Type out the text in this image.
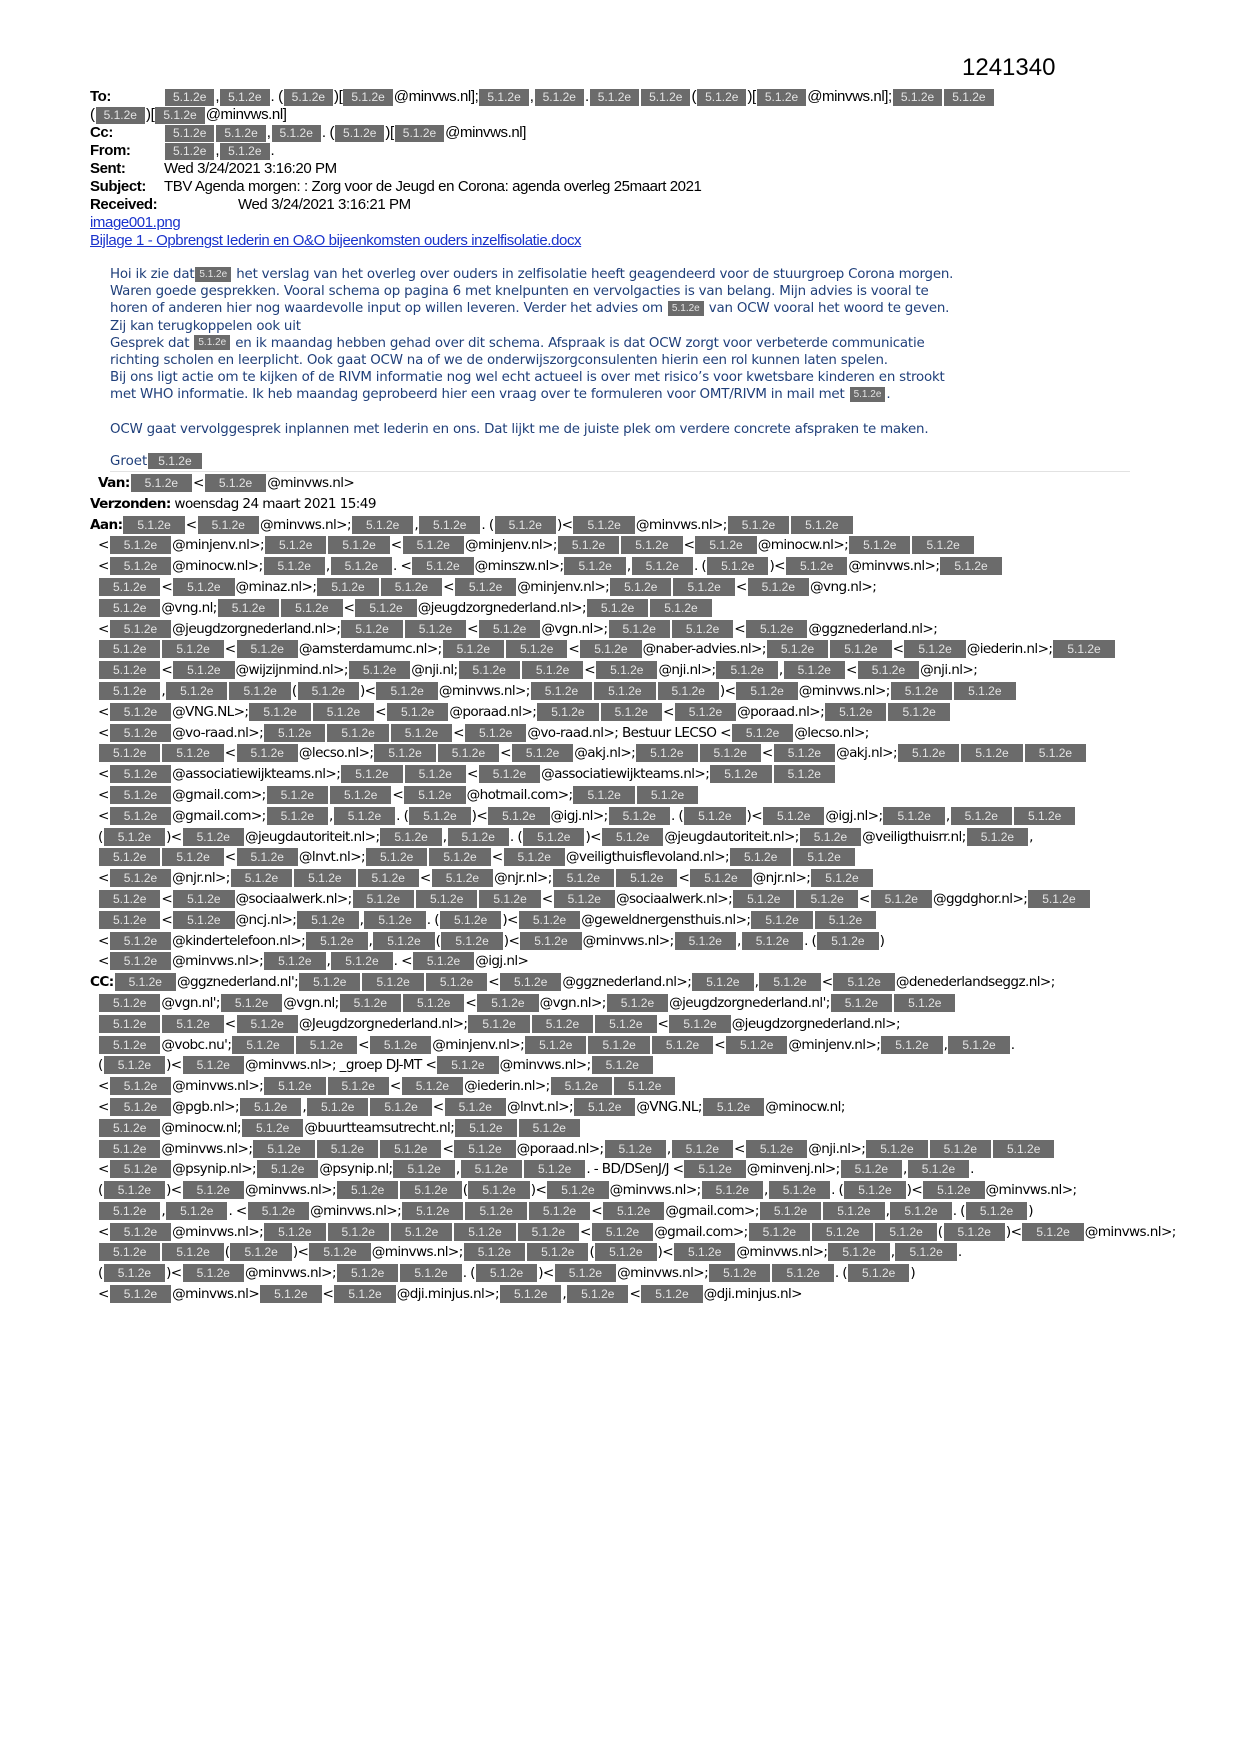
1241340
To:	5.1.2e , 5.1.2e . ( 5.1.2e )[ 5.1.2e @minvws.nl]; 5.1.2e , 5.1.2e . 5.1.2e 5.1.2e ( 5.1.2e )[ 5.1.2e @minvws.nl]; 5.1.2e 5.1.2e
( 5.1.2e )[ 5.1.2e @minvws.nl]
Cc:	5.1.2e 5.1.2e , 5.1.2e . ( 5.1.2e )[ 5.1.2e @minvws.nl]
From:	5.1.2e , 5.1.2e .
Sent:	Wed 3/24/2021 3:16:20 PM
Subject: TBV Agenda morgen: : Zorg voor de Jeugd en Corona: agenda overleg 25maart 2021
Received:	Wed 3/24/2021 3:16:21 PM
image001.png
Bijlage 1 - Opbrengst Iederin en O&O bijeenkomsten ouders inzelfisolatie.docx

Hoi ik zie dat 5.1.2e het verslag van het overleg over ouders in zelfisolatie heeft geagendeerd voor de stuurgroep Corona morgen.

Waren goede gesprekken. Vooral schema op pagina 6 met knelpunten en vervolgacties is van belang. Mijn advies is vooral te

horen of anderen hier nog waardevolle input op willen leveren. Verder het advies om 5.1.2e van OCW vooral het woord te geven.

Zij kan terugkoppelen ook uit

Gesprek dat 5.1.2e en ik maandag hebben gehad over dit schema. Afspraak is dat OCW zorgt voor verbeterde communicatie

richting scholen en leerplicht. Ook gaat OCW na of we de onderwijszorgconsulenten hierin een rol kunnen laten spelen.

Bij ons ligt actie om te kijken of de RIVM informatie nog wel echt actueel is over met risico’s voor kwetsbare kinderen en strookt

met WHO informatie. Ik heb maandag geprobeerd hier een vraag over te formuleren voor OMT/RIVM in mail met 5.1.2e .

OCW gaat vervolggesprek inplannen met Iederin en ons. Dat lijkt me de juiste plek om verdere concrete afspraken te maken.

Groet 5.1.2e
Van: 5.1.2e < 5.1.2e @minvws.nl>
Verzonden: woensdag 24 maart 2021 15:49
Aan: 5.1.2e < 5.1.2e @minvws.nl>; 5.1.2e , 5.1.2e . ( 5.1.2e )< 5.1.2e @minvws.nl>; 5.1.2e	5.1.2e
< 5.1.2e @minjenv.nl>; 5.1.2e	5.1.2e < 5.1.2e @minjenv.nl>; 5.1.2e	5.1.2e < 5.1.2e @minocw.nl>; 5.1.2e	5.1.2e
< 5.1.2e @minocw.nl>; 5.1.2e , 5.1.2e . < 5.1.2e @minszw.nl>; 5.1.2e , 5.1.2e . ( 5.1.2e )< 5.1.2e @minvws.nl>; 5.1.2e
5.1.2e < 5.1.2e @minaz.nl>; 5.1.2e	5.1.2e < 5.1.2e @minjenv.nl>; 5.1.2e	5.1.2e < 5.1.2e @vng.nl>;
5.1.2e @vng.nl; 5.1.2e	5.1.2e < 5.1.2e @jeugdzorgnederland.nl>; 5.1.2e	5.1.2e
< 5.1.2e @jeugdzorgnederland.nl>; 5.1.2e	5.1.2e < 5.1.2e @vgn.nl>; 5.1.2e	5.1.2e < 5.1.2e @ggznederland.nl>;
5.1.2e	5.1.2e < 5.1.2e @amsterdamumc.nl>; 5.1.2e	5.1.2e < 5.1.2e @naber-advies.nl>; 5.1.2e	5.1.2e < 5.1.2e @iederin.nl>; 5.1.2e
5.1.2e < 5.1.2e @wijzijnmind.nl>; 5.1.2e @nji.nl; 5.1.2e	5.1.2e < 5.1.2e @nji.nl>; 5.1.2e , 5.1.2e < 5.1.2e @nji.nl>;
5.1.2e , 5.1.2e	5.1.2e ( 5.1.2e )< 5.1.2e @minvws.nl>; 5.1.2e	5.1.2e	5.1.2e )< 5.1.2e @minvws.nl>; 5.1.2e	5.1.2e
< 5.1.2e @VNG.NL>; 5.1.2e	5.1.2e < 5.1.2e @poraad.nl>; 5.1.2e	5.1.2e < 5.1.2e @poraad.nl>; 5.1.2e	5.1.2e
< 5.1.2e @vo-raad.nl>; 5.1.2e	5.1.2e	5.1.2e < 5.1.2e @vo-raad.nl>; Bestuur LECSO < 5.1.2e @lecso.nl>;
5.1.2e	5.1.2e < 5.1.2e @lecso.nl>; 5.1.2e	5.1.2e < 5.1.2e @akj.nl>; 5.1.2e	5.1.2e < 5.1.2e @akj.nl>; 5.1.2e	5.1.2e	5.1.2e
< 5.1.2e @associatiewijkteams.nl>; 5.1.2e	5.1.2e < 5.1.2e @associatiewijkteams.nl>; 5.1.2e	5.1.2e
< 5.1.2e @gmail.com>; 5.1.2e	5.1.2e < 5.1.2e @hotmail.com>; 5.1.2e	5.1.2e
< 5.1.2e @gmail.com>; 5.1.2e , 5.1.2e . ( 5.1.2e )< 5.1.2e @igj.nl>; 5.1.2e . ( 5.1.2e )< 5.1.2e @igj.nl>; 5.1.2e , 5.1.2e	5.1.2e
( 5.1.2e )< 5.1.2e @jeugdautoriteit.nl>; 5.1.2e , 5.1.2e . ( 5.1.2e )< 5.1.2e @jeugdautoriteit.nl>; 5.1.2e @veiligthuisrr.nl; 5.1.2e ,
5.1.2e	5.1.2e < 5.1.2e @lnvt.nl>; 5.1.2e	5.1.2e < 5.1.2e @veiligthuisflevoland.nl>; 5.1.2e	5.1.2e
< 5.1.2e @njr.nl>; 5.1.2e	5.1.2e	5.1.2e < 5.1.2e @njr.nl>; 5.1.2e	5.1.2e < 5.1.2e @njr.nl>; 5.1.2e
5.1.2e < 5.1.2e @sociaalwerk.nl>; 5.1.2e	5.1.2e	5.1.2e < 5.1.2e @sociaalwerk.nl>; 5.1.2e	5.1.2e < 5.1.2e @ggdghor.nl>; 5.1.2e
5.1.2e < 5.1.2e @ncj.nl>; 5.1.2e , 5.1.2e . ( 5.1.2e )< 5.1.2e @geweldnergensthuis.nl>; 5.1.2e	5.1.2e
< 5.1.2e @kindertelefoon.nl>; 5.1.2e , 5.1.2e ( 5.1.2e )< 5.1.2e @minvws.nl>; 5.1.2e , 5.1.2e . ( 5.1.2e )
< 5.1.2e @minvws.nl>; 5.1.2e , 5.1.2e . < 5.1.2e @igj.nl>
CC: 5.1.2e @ggznederland.nl'; 5.1.2e	5.1.2e	5.1.2e < 5.1.2e @ggznederland.nl>; 5.1.2e , 5.1.2e < 5.1.2e @denederlandseggz.nl>;
5.1.2e @vgn.nl'; 5.1.2e @vgn.nl; 5.1.2e	5.1.2e < 5.1.2e @vgn.nl>; 5.1.2e @jeugdzorgnederland.nl'; 5.1.2e	5.1.2e
5.1.2e	5.1.2e < 5.1.2e @Jeugdzorgnederland.nl>; 5.1.2e	5.1.2e	5.1.2e < 5.1.2e @jeugdzorgnederland.nl>;
5.1.2e @vobc.nu'; 5.1.2e	5.1.2e < 5.1.2e @minjenv.nl>; 5.1.2e	5.1.2e	5.1.2e < 5.1.2e @minjenv.nl>; 5.1.2e , 5.1.2e .
( 5.1.2e )< 5.1.2e @minvws.nl>; _groep DJ-MT < 5.1.2e @minvws.nl>; 5.1.2e
< 5.1.2e @minvws.nl>; 5.1.2e	5.1.2e < 5.1.2e @iederin.nl>; 5.1.2e	5.1.2e
< 5.1.2e @pgb.nl>; 5.1.2e , 5.1.2e	5.1.2e < 5.1.2e @lnvt.nl>; 5.1.2e @VNG.NL; 5.1.2e @minocw.nl;
5.1.2e @minocw.nl; 5.1.2e @buurtteamsutrecht.nl; 5.1.2e	5.1.2e
5.1.2e @minvws.nl>; 5.1.2e	5.1.2e	5.1.2e < 5.1.2e @poraad.nl>; 5.1.2e , 5.1.2e < 5.1.2e @nji.nl>; 5.1.2e	5.1.2e	5.1.2e
< 5.1.2e @psynip.nl>; 5.1.2e @psynip.nl; 5.1.2e , 5.1.2e	5.1.2e . - BD/DSenJ/J < 5.1.2e @minvenj.nl>; 5.1.2e , 5.1.2e .
( 5.1.2e )< 5.1.2e @minvws.nl>; 5.1.2e	5.1.2e ( 5.1.2e )< 5.1.2e @minvws.nl>; 5.1.2e , 5.1.2e . ( 5.1.2e )< 5.1.2e @minvws.nl>;
5.1.2e , 5.1.2e . < 5.1.2e @minvws.nl>; 5.1.2e	5.1.2e	5.1.2e < 5.1.2e @gmail.com>; 5.1.2e	5.1.2e , 5.1.2e . ( 5.1.2e )
< 5.1.2e @minvws.nl>; 5.1.2e	5.1.2e	5.1.2e	5.1.2e	5.1.2e < 5.1.2e @gmail.com>; 5.1.2e	5.1.2e	5.1.2e ( 5.1.2e )< 5.1.2e @minvws.nl>;
5.1.2e	5.1.2e ( 5.1.2e )< 5.1.2e @minvws.nl>; 5.1.2e	5.1.2e ( 5.1.2e )< 5.1.2e @minvws.nl>; 5.1.2e , 5.1.2e .
( 5.1.2e )< 5.1.2e @minvws.nl>; 5.1.2e	5.1.2e . ( 5.1.2e )< 5.1.2e @minvws.nl>; 5.1.2e	5.1.2e . ( 5.1.2e )
< 5.1.2e @minvws.nl> 5.1.2e < 5.1.2e @dji.minjus.nl>; 5.1.2e , 5.1.2e < 5.1.2e @dji.minjus.nl>
